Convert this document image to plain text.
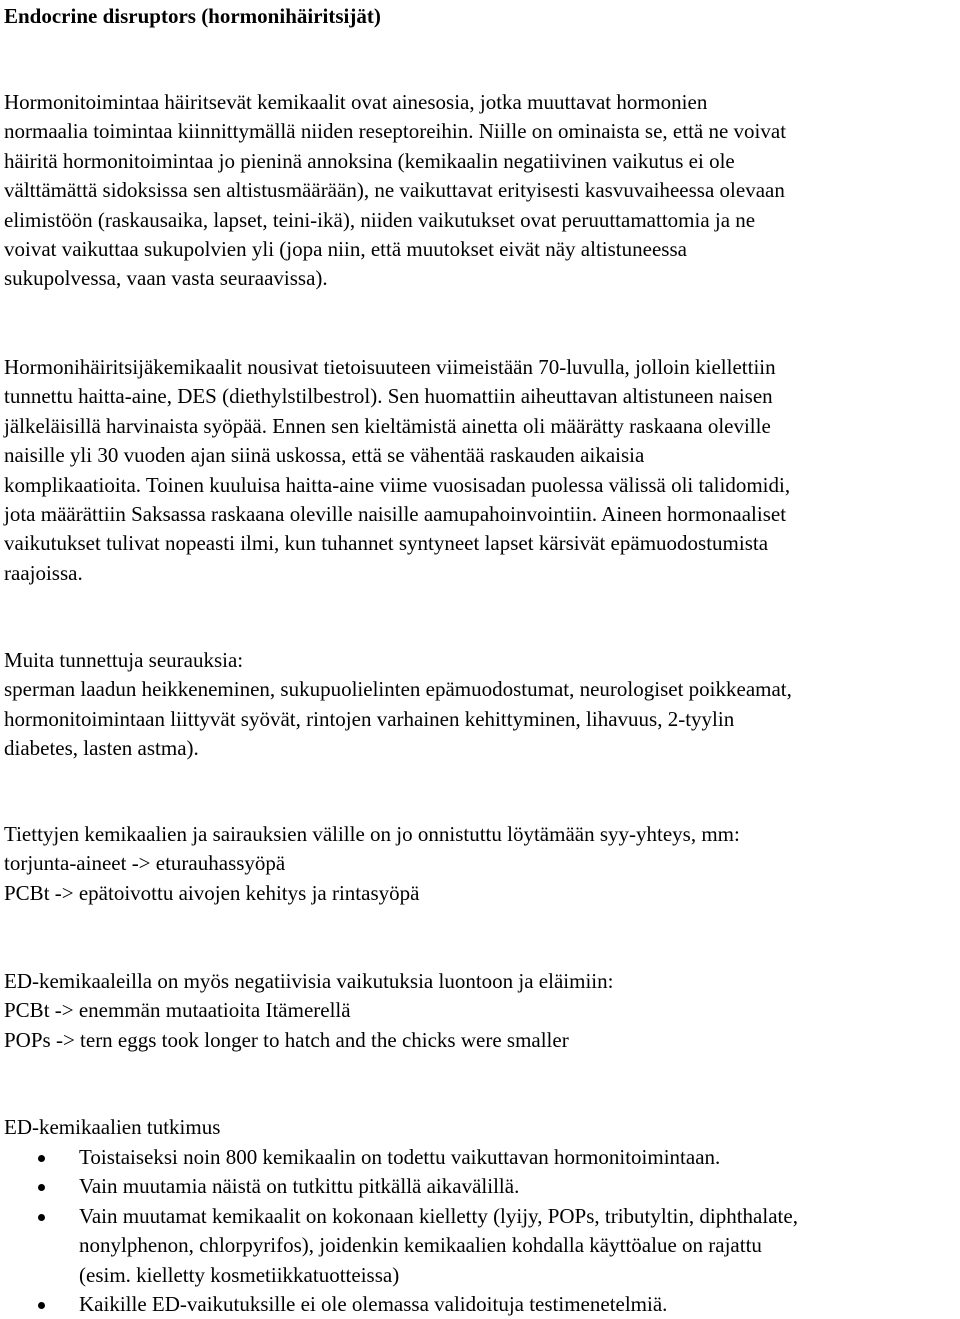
Endocrine disruptors (hormonihäiritsijät)

Hormonitoimintaa häiritsevät kemikaalit ovat ainesosia, jotka muuttavat hormonien
normaalia toimintaa kiinnittymällä niiden reseptoreihin. Niille on ominaista se, että ne voivat
häiritä hormonitoimintaa jo pieninä annoksina (kemikaalin negatiivinen vaikutus ei ole
välttämättä sidoksissa sen altistusmäärään), ne vaikuttavat erityisesti kasvuvaiheessa olevaan
elimistöön (raskausaika, lapset, teini-ikä), niiden vaikutukset ovat peruuttamattomia ja ne
voivat vaikuttaa sukupolvien yli (jopa niin, että muutokset eivät näy altistuneessa
sukupolvessa, vaan vasta seuraavissa).

Hormonihäiritsijäkemikaalit nousivat tietoisuuteen viimeistään 70-luvulla, jolloin kiellettiin
tunnettu haitta-aine, DES (diethylstilbestrol). Sen huomattiin aiheuttavan altistuneen naisen
jälkeläisillä harvinaista syöpää. Ennen sen kieltämistä ainetta oli määrätty raskaana oleville
naisille yli 30 vuoden ajan siinä uskossa, että se vähentää raskauden aikaisia
komplikaatioita. Toinen kuuluisa haitta-aine viime vuosisadan puolessa välissä oli talidomidi,
jota määrättiin Saksassa raskaana oleville naisille aamupahoinvointiin. Aineen hormonaaliset
vaikutukset tulivat nopeasti ilmi, kun tuhannet syntyneet lapset kärsivät epämuodostumista
raajoissa.

Muita tunnettuja seurauksia:
sperman laadun heikkeneminen, sukupuolielinten epämuodostumat, neurologiset poikkeamat,
hormonitoimintaan liittyvät syövät, rintojen varhainen kehittyminen, lihavuus, 2-tyylin
diabetes, lasten astma).

Tiettyjen kemikaalien ja sairauksien välille on jo onnistuttu löytämään syy-yhteys, mm:
torjunta-aineet -> eturauhassyöpä
PCBt -> epätoivottu aivojen kehitys ja rintasyöpä

ED-kemikaaleilla on myös negatiivisia vaikutuksia luontoon ja eläimiin:
PCBt -> enemmän mutaatioita Itämerellä
POPs -> tern eggs took longer to hatch and the chicks were smaller

ED-kemikaalien tutkimus

Toistaiseksi noin 800 kemikaalin on todettu vaikuttavan hormonitoimintaan.
Vain muutamia näistä on tutkittu pitkällä aikavälillä.
Vain muutamat kemikaalit on kokonaan kielletty (lyijy, POPs, tributyltin, diphthalate,
nonylphenon, chlorpyrifos), joidenkin kemikaalien kohdalla käyttöalue on rajattu
(esim. kielletty kosmetiikkatuotteissa)
Kaikille ED-vaikutuksille ei ole olemassa validoituja testimenetelmiä.
